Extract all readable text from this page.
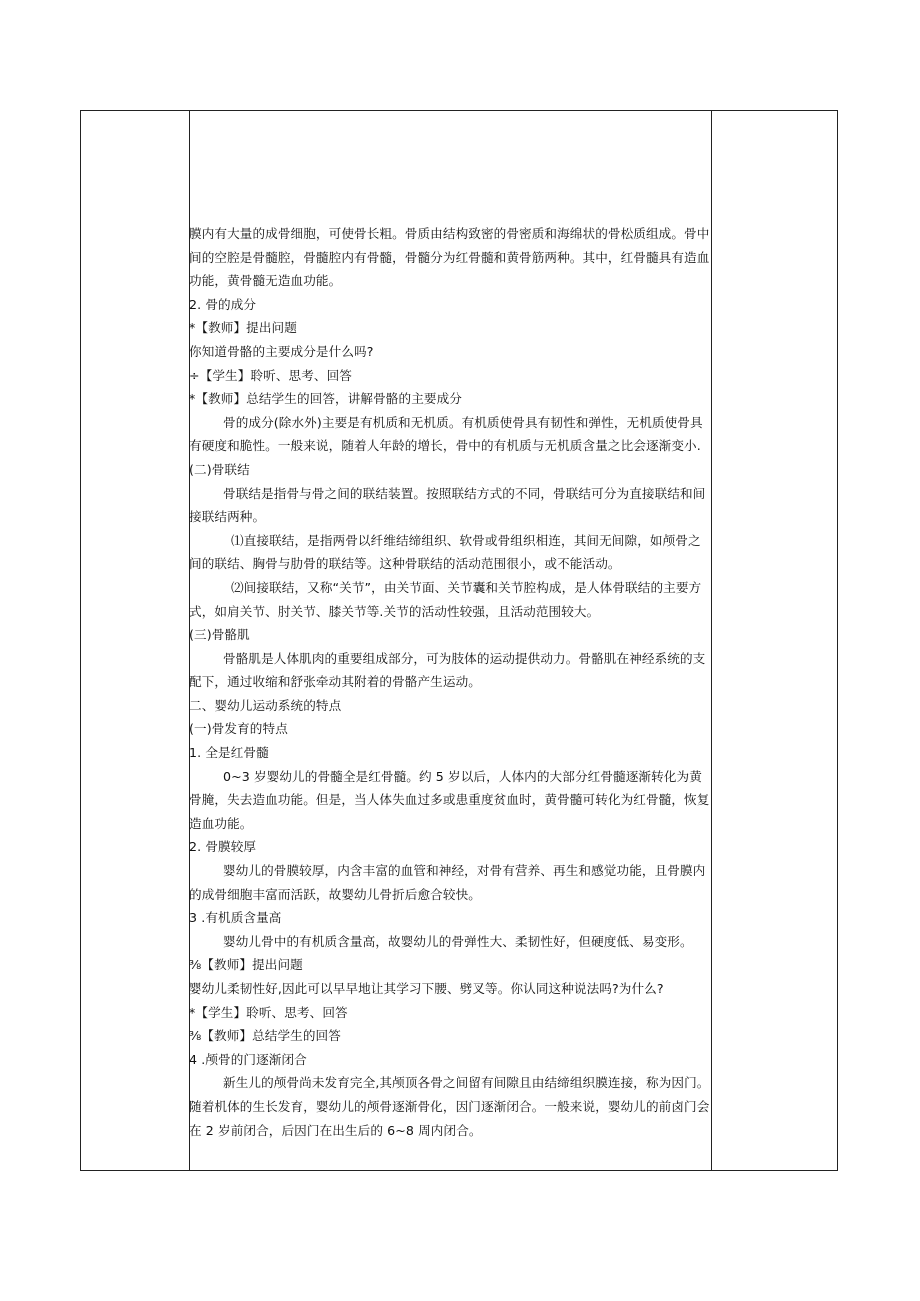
膜内有大量的成骨细胞，可使骨长粗。骨质由结构致密的骨密质和海绵状的骨松质组成。骨中间的空腔是骨髓腔，骨髓腔内有骨髓，骨髓分为红骨髓和黄骨筋两种。其中，红骨髓具有造血功能，黄骨髓无造血功能。

2. 骨的成分

*【教师】提出问题

你知道骨骼的主要成分是什么吗?

÷【学生】聆听、思考、回答

*【教师】总结学生的回答，讲解骨骼的主要成分

骨的成分(除水外)主要是有机质和无机质。有机质使骨具有韧性和弹性，无机质使骨具有硬度和脆性。一般来说，随着人年龄的增长，骨中的有机质与无机质含量之比会逐渐变小.

(二)骨联结

骨联结是指骨与骨之间的联结装置。按照联结方式的不同，骨联结可分为直接联结和间接联结两种。

⑴直接联结，是指两骨以纤维结缔组织、软骨或骨组织相连，其间无间隙，如颅骨之间的联结、胸骨与肋骨的联结等。这种骨联结的活动范围很小，或不能活动。

⑵间接联结，又称“关节”，由关节面、关节囊和关节腔构成，是人体骨联结的主要方式，如肩关节、肘关节、膝关节等.关节的活动性较强，且活动范围较大。

(三)骨骼肌

骨骼肌是人体肌肉的重要组成部分，可为肢体的运动提供动力。骨骼肌在神经系统的支配下，通过收缩和舒张牵动其附着的骨骼产生运动。

二、婴幼儿运动系统的特点

(一)骨发育的特点

1. 全是红骨髓

0~3 岁婴幼儿的骨髓全是红骨髓。约 5 岁以后，人体内的大部分红骨髓逐渐转化为黄骨腌，失去造血功能。但是，当人体失血过多或患重度贫血时，黄骨髓可转化为红骨髓，恢复造血功能。

2. 骨膜较厚

婴幼儿的骨膜较厚，内含丰富的血管和神经，对骨有营养、再生和感觉功能，且骨膜内的成骨细胞丰富而活跃，故婴幼儿骨折后愈合较快。

3 .有机质含量高

婴幼儿骨中的有机质含量高，故婴幼儿的骨弹性大、柔韧性好，但硬度低、易变形。

⅜【教师】提出问题

婴幼儿柔韧性好,因此可以早早地让其学习下腰、劈叉等。你认同这种说法吗?为什么?

*【学生】聆听、思考、回答

⅜【教师】总结学生的回答

4 .颅骨的门逐渐闭合

新生儿的颅骨尚未发育完全,其颅顶各骨之间留有间隙且由结缔组织膜连接，称为因门。随着机体的生长发育，婴幼儿的颅骨逐渐骨化，因门逐渐闭合。一般来说，婴幼儿的前卤门会在 2 岁前闭合，后因门在出生后的 6~8 周内闭合。
